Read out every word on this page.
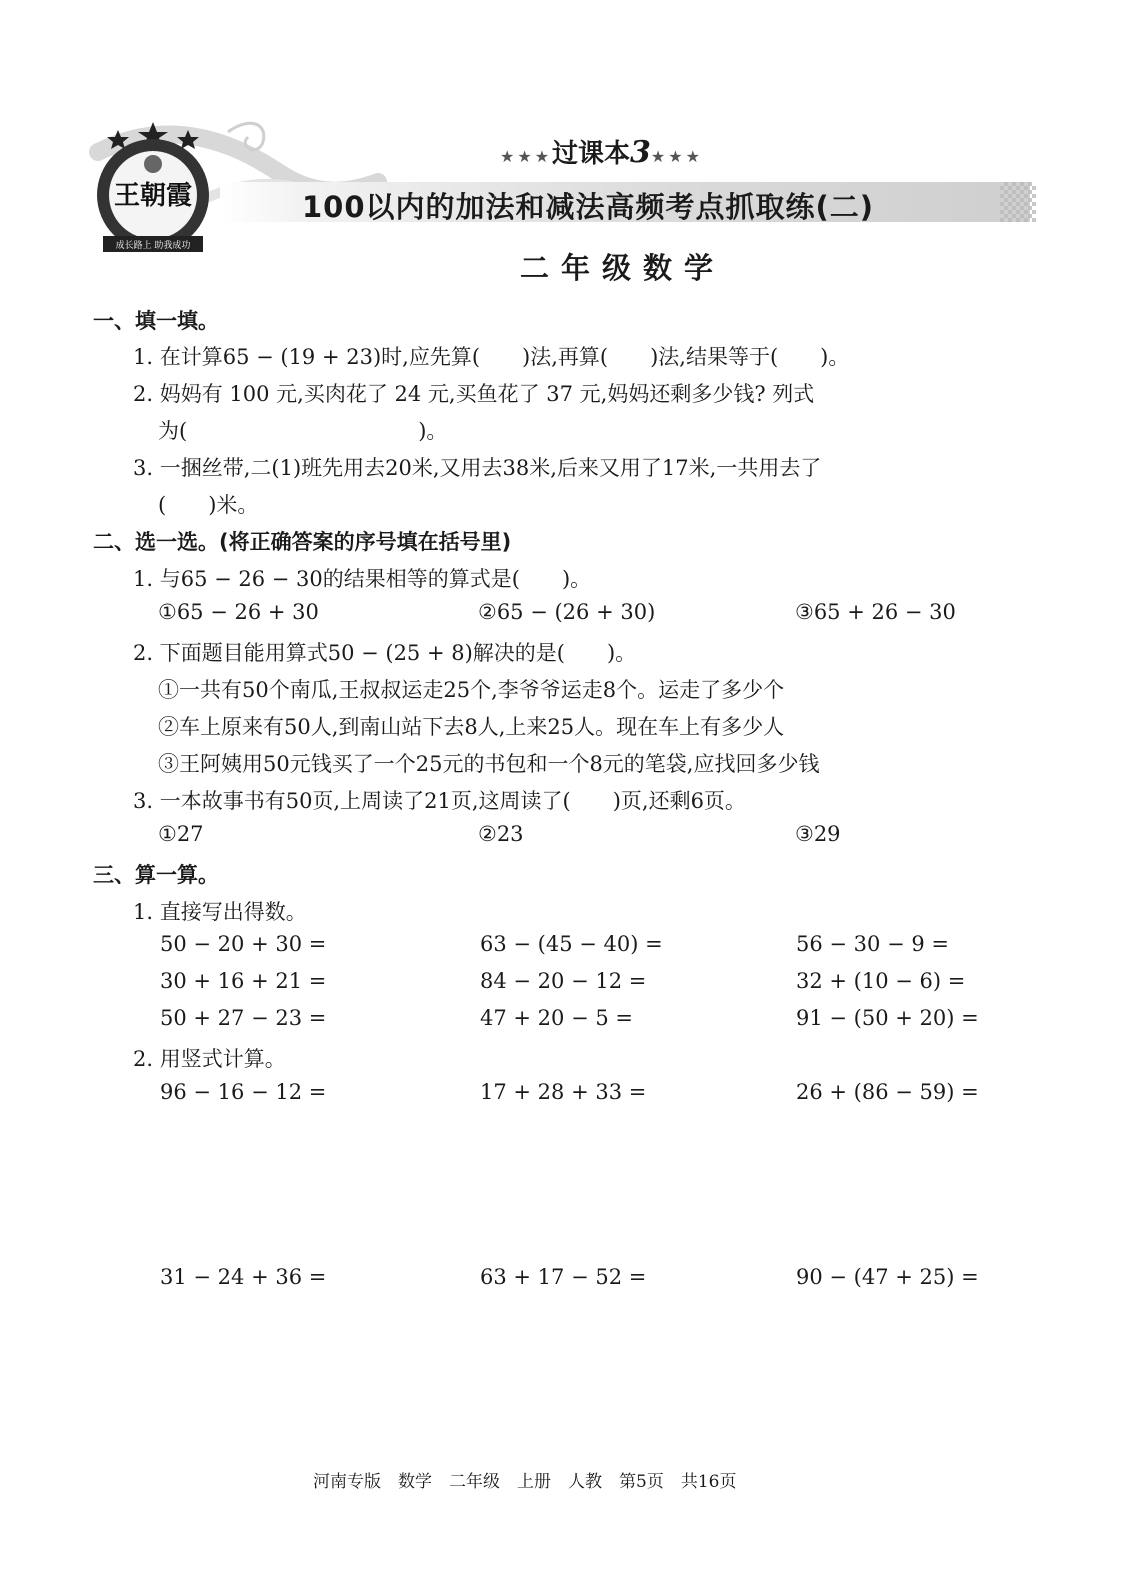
王朝霞
成长路上 助我成功
★★★过课本3★★★
100以内的加法和减法高频考点抓取练(二)
二年级数学
一、填一填。
1. 在计算65 − (19 + 23)时,应先算(　　)法,再算(　　)法,结果等于(　　)。
2. 妈妈有 100 元,买肉花了 24 元,买鱼花了 37 元,妈妈还剩多少钱? 列式
为(　　　　　　　　　　　)。
3. 一捆丝带,二(1)班先用去20米,又用去38米,后来又用了17米,一共用去了
(　　)米。
二、选一选。(将正确答案的序号填在括号里)
1. 与65 − 26 − 30的结果相等的算式是(　　)。
①65 − 26 + 30	②65 − (26 + 30)	③65 + 26 − 30
2. 下面题目能用算式50 − (25 + 8)解决的是(　　)。
①一共有50个南瓜,王叔叔运走25个,李爷爷运走8个。运走了多少个
②车上原来有50人,到南山站下去8人,上来25人。现在车上有多少人
③王阿姨用50元钱买了一个25元的书包和一个8元的笔袋,应找回多少钱
3. 一本故事书有50页,上周读了21页,这周读了(　　)页,还剩6页。
①27	②23	③29
三、算一算。
1. 直接写出得数。
50 − 20 + 30 =	63 − (45 − 40) =	56 − 30 − 9 =
30 + 16 + 21 =	84 − 20 − 12 =	32 + (10 − 6) =
50 + 27 − 23 =	47 + 20 − 5 =	91 − (50 + 20) =
2. 用竖式计算。
96 − 16 − 12 =	17 + 28 + 33 =	26 + (86 − 59) =
31 − 24 + 36 =	63 + 17 − 52 =	90 − (47 + 25) =
河南专版　数学　二年级　上册　人教　第5页　共16页
